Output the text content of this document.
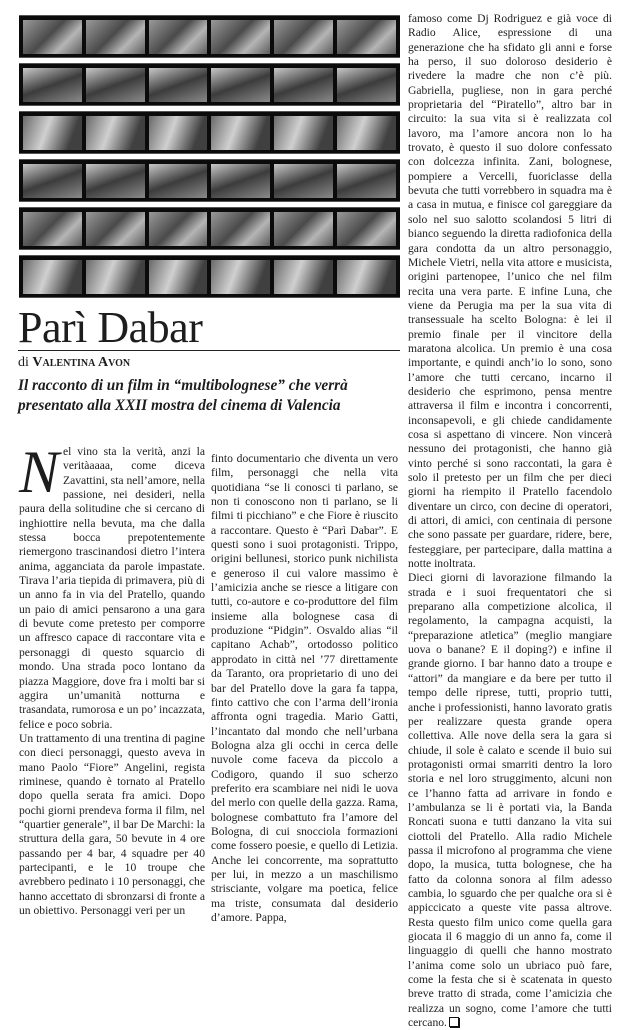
Parì Dabar
di Valentina Avon
Il racconto di un film in “multibolognese” che verrà presentato alla XXII mostra del cinema di Valencia
N el vino sta la verità, anzi la veritàaaaa, come diceva Zavattini, sta nell’amore, nella passione, nei desideri, nella paura della solitudine che si cercano di inghiottire nella bevuta, ma che dalla stessa bocca prepotentemente riemergono trascinandosi dietro l’intera anima, agganciata da parole impastate. Tirava l’aria tiepida di primavera, più di un anno fa in via del Pratello, quando un paio di amici pensarono a una gara di bevute come pretesto per comporre un affresco capace di raccontare vita e personaggi di questo squarcio di mondo. Una strada poco lontano da piazza Maggiore, dove fra i molti bar si aggira un’umanità notturna e trasandata, rumorosa e un po’ incazzata, felice e poco sobria.

Un trattamento di una trentina di pagine con dieci personaggi, questo aveva in mano Paolo “Fiore” Angelini, regista riminese, quando è tornato al Pratello dopo quella serata fra amici. Dopo pochi giorni prendeva forma il film, nel “quartier generale”, il bar De Marchi: la struttura della gara, 50 bevute in 4 ore passando per 4 bar, 4 squadre per 40 partecipanti, e le 10 troupe che avrebbero pedinato i 10 personaggi, che hanno accettato di sbronzarsi di fronte a un obiettivo. Personaggi veri per un

finto documentario che diventa un vero film, personaggi che nella vita quotidiana “se li conosci ti parlano, se non ti conoscono non ti parlano, se li filmi ti picchiano” e che Fiore è riuscito a raccontare. Questo è “Parì Dabar”. E questi sono i suoi protagonisti. Trippo, origini bellunesi, storico punk nichilista e generoso il cui valore massimo è l’amicizia anche se riesce a litigare con tutti, co-autore e co-produttore del film insieme alla bolognese casa di produzione “Pidgin”. Osvaldo alias “il capitano Achab”, ortodosso politico approdato in città nel ’77 direttamente da Taranto, ora proprietario di uno dei bar del Pratello dove la gara fa tappa, finto cattivo che con l’arma dell’ironia affronta ogni tragedia. Mario Gatti, l’incantato dal mondo che nell’urbana Bologna alza gli occhi in cerca delle nuvole come faceva da piccolo a Codigoro, quando il suo scherzo preferito era scambiare nei nidi le uova del merlo con quelle della gazza. Rama, bolognese combattuto fra l’amore del Bologna, di cui snocciola formazioni come fossero poesie, e quello di Letizia. Anche lei concorrente, ma soprattutto per lui, in mezzo a un maschilismo strisciante, volgare ma poetica, felice ma triste, consumata dal desiderio d’amore. Pappa,

famoso come Dj Rodriguez e già voce di Radio Alice, espressione di una generazione che ha sfidato gli anni e forse ha perso, il suo doloroso desiderio è rivedere la madre che non c’è più. Gabriella, pugliese, non in gara perché proprietaria del “Piratello”, altro bar in circuito: la sua vita si è realizzata col lavoro, ma l’amore ancora non lo ha trovato, è questo il suo dolore confessato con dolcezza infinita. Zani, bolognese, pompiere a Vercelli, fuoriclasse della bevuta che tutti vorrebbero in squadra ma è a casa in mutua, e finisce col gareggiare da solo nel suo salotto scolandosi 5 litri di bianco seguendo la diretta radiofonica della gara condotta da un altro personaggio, Michele Vietri, nella vita attore e musicista, origini partenopee, l’unico che nel film recita una vera parte. E infine Luna, che viene da Perugia ma per la sua vita di transessuale ha scelto Bologna: è lei il premio finale per il vincitore della maratona alcolica. Un premio è una cosa importante, e quindi anch’io lo sono, sono l’amore che tutti cercano, incarno il desiderio che esprimono, pensa mentre attraversa il film e incontra i concorrenti, inconsapevoli, e gli chiede candidamente cosa si aspettano di vincere. Non vincerà nessuno dei protagonisti, che hanno già vinto perché si sono raccontati, la gara è solo il pretesto per un film che per dieci giorni ha riempito il Pratello facendolo diventare un circo, con decine di operatori, di attori, di amici, con centinaia di persone che sono passate per guardare, ridere, bere, festeggiare, per partecipare, dalla mattina a notte inoltrata.

Dieci giorni di lavorazione filmando la strada e i suoi frequentatori che si preparano alla competizione alcolica, il regolamento, la campagna acquisti, la “preparazione atletica” (meglio mangiare uova o banane? E il doping?) e infine il grande giorno. I bar hanno dato a troupe e “attori” da mangiare e da bere per tutto il tempo delle riprese, tutti, proprio tutti, anche i professionisti, hanno lavorato gratis per realizzare questa grande opera collettiva. Alle nove della sera la gara si chiude, il sole è calato e scende il buio sui protagonisti ormai smarriti dentro la loro storia e nel loro struggimento, alcuni non ce l’hanno fatta ad arrivare in fondo e l’ambulanza se li è portati via, la Banda Roncati suona e tutti danzano la vita sui ciottoli del Pratello. Alla radio Michele passa il microfono al programma che viene dopo, la musica, tutta bolognese, che ha fatto da colonna sonora al film adesso cambia, lo sguardo che per qualche ora si è appiccicato a queste vite passa altrove. Resta questo film unico come quella gara giocata il 6 maggio di un anno fa, come il linguaggio di quelli che hanno mostrato l’anima come solo un ubriaco può fare, come la festa che si è scatenata in questo breve tratto di strada, come l’amicizia che realizza un sogno, come l’amore che tutti cercano.
